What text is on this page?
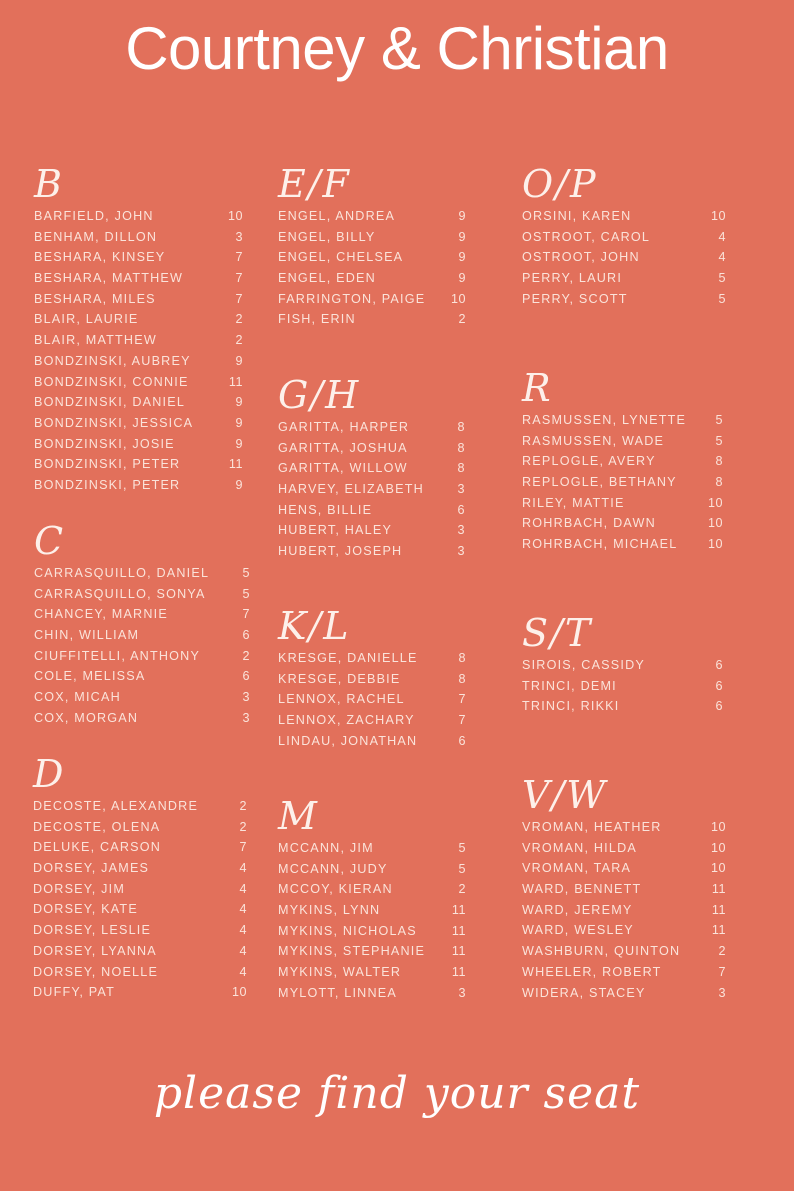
Courtney & Christian
B
BARFIELD, JOHN	10
BENHAM, DILLON	3
BESHARA, KINSEY	7
BESHARA, MATTHEW	7
BESHARA, MILES	7
BLAIR, LAURIE	2
BLAIR, MATTHEW	2
BONDZINSKI, AUBREY	9
BONDZINSKI, CONNIE	11
BONDZINSKI, DANIEL	9
BONDZINSKI, JESSICA	9
BONDZINSKI, JOSIE	9
BONDZINSKI, PETER	11
BONDZINSKI, PETER	9
C
CARRASQUILLO, DANIEL	5
CARRASQUILLO, SONYA	5
CHANCEY, MARNIE	7
CHIN, WILLIAM	6
CIUFFITELLI, ANTHONY	2
COLE, MELISSA	6
COX, MICAH	3
COX, MORGAN	3
D
DECOSTE, ALEXANDRE	2
DECOSTE, OLENA	2
DELUKE, CARSON	7
DORSEY, JAMES	4
DORSEY, JIM	4
DORSEY, KATE	4
DORSEY, LESLIE	4
DORSEY, LYANNA	4
DORSEY, NOELLE	4
DUFFY, PAT	10
E/F
ENGEL, ANDREA	9
ENGEL, BILLY	9
ENGEL, CHELSEA	9
ENGEL, EDEN	9
FARRINGTON, PAIGE 10
FISH, ERIN	2
G/H
GARITTA, HARPER	8
GARITTA, JOSHUA	8
GARITTA, WILLOW	8
HARVEY, ELIZABETH	3
HENS, BILLIE	6
HUBERT, HALEY	3
HUBERT, JOSEPH	3
K/L
KRESGE, DANIELLE	8
KRESGE, DEBBIE	8
LENNOX, RACHEL	7
LENNOX, ZACHARY	7
LINDAU, JONATHAN	6
M
MCCANN, JIM	5
MCCANN, JUDY	5
MCCOY, KIERAN	2
MYKINS, LYNN	11
MYKINS, NICHOLAS	11
MYKINS, STEPHANIE 11
MYKINS, WALTER	11
MYLOTT, LINNEA	3
O/P
ORSINI, KAREN	10
OSTROOT, CAROL	4
OSTROOT, JOHN	4
PERRY, LAURI	5
PERRY, SCOTT	5
R
RASMUSSEN, LYNETTE 5
RASMUSSEN, WADE	5
REPLOGLE, AVERY	8
REPLOGLE, BETHANY	8
RILEY, MATTIE	10
ROHRBACH, DAWN	10
ROHRBACH, MICHAEL 10
S/T
SIROIS, CASSIDY	6
TRINCI, DEMI	6
TRINCI, RIKKI	6
V/W
VROMAN, HEATHER	10
VROMAN, HILDA	10
VROMAN, TARA	10
WARD, BENNETT	11
WARD, JEREMY	11
WARD, WESLEY	11
WASHBURN, QUINTON	2
WHEELER, ROBERT	7
WIDERA, STACEY	3
please find your seat
